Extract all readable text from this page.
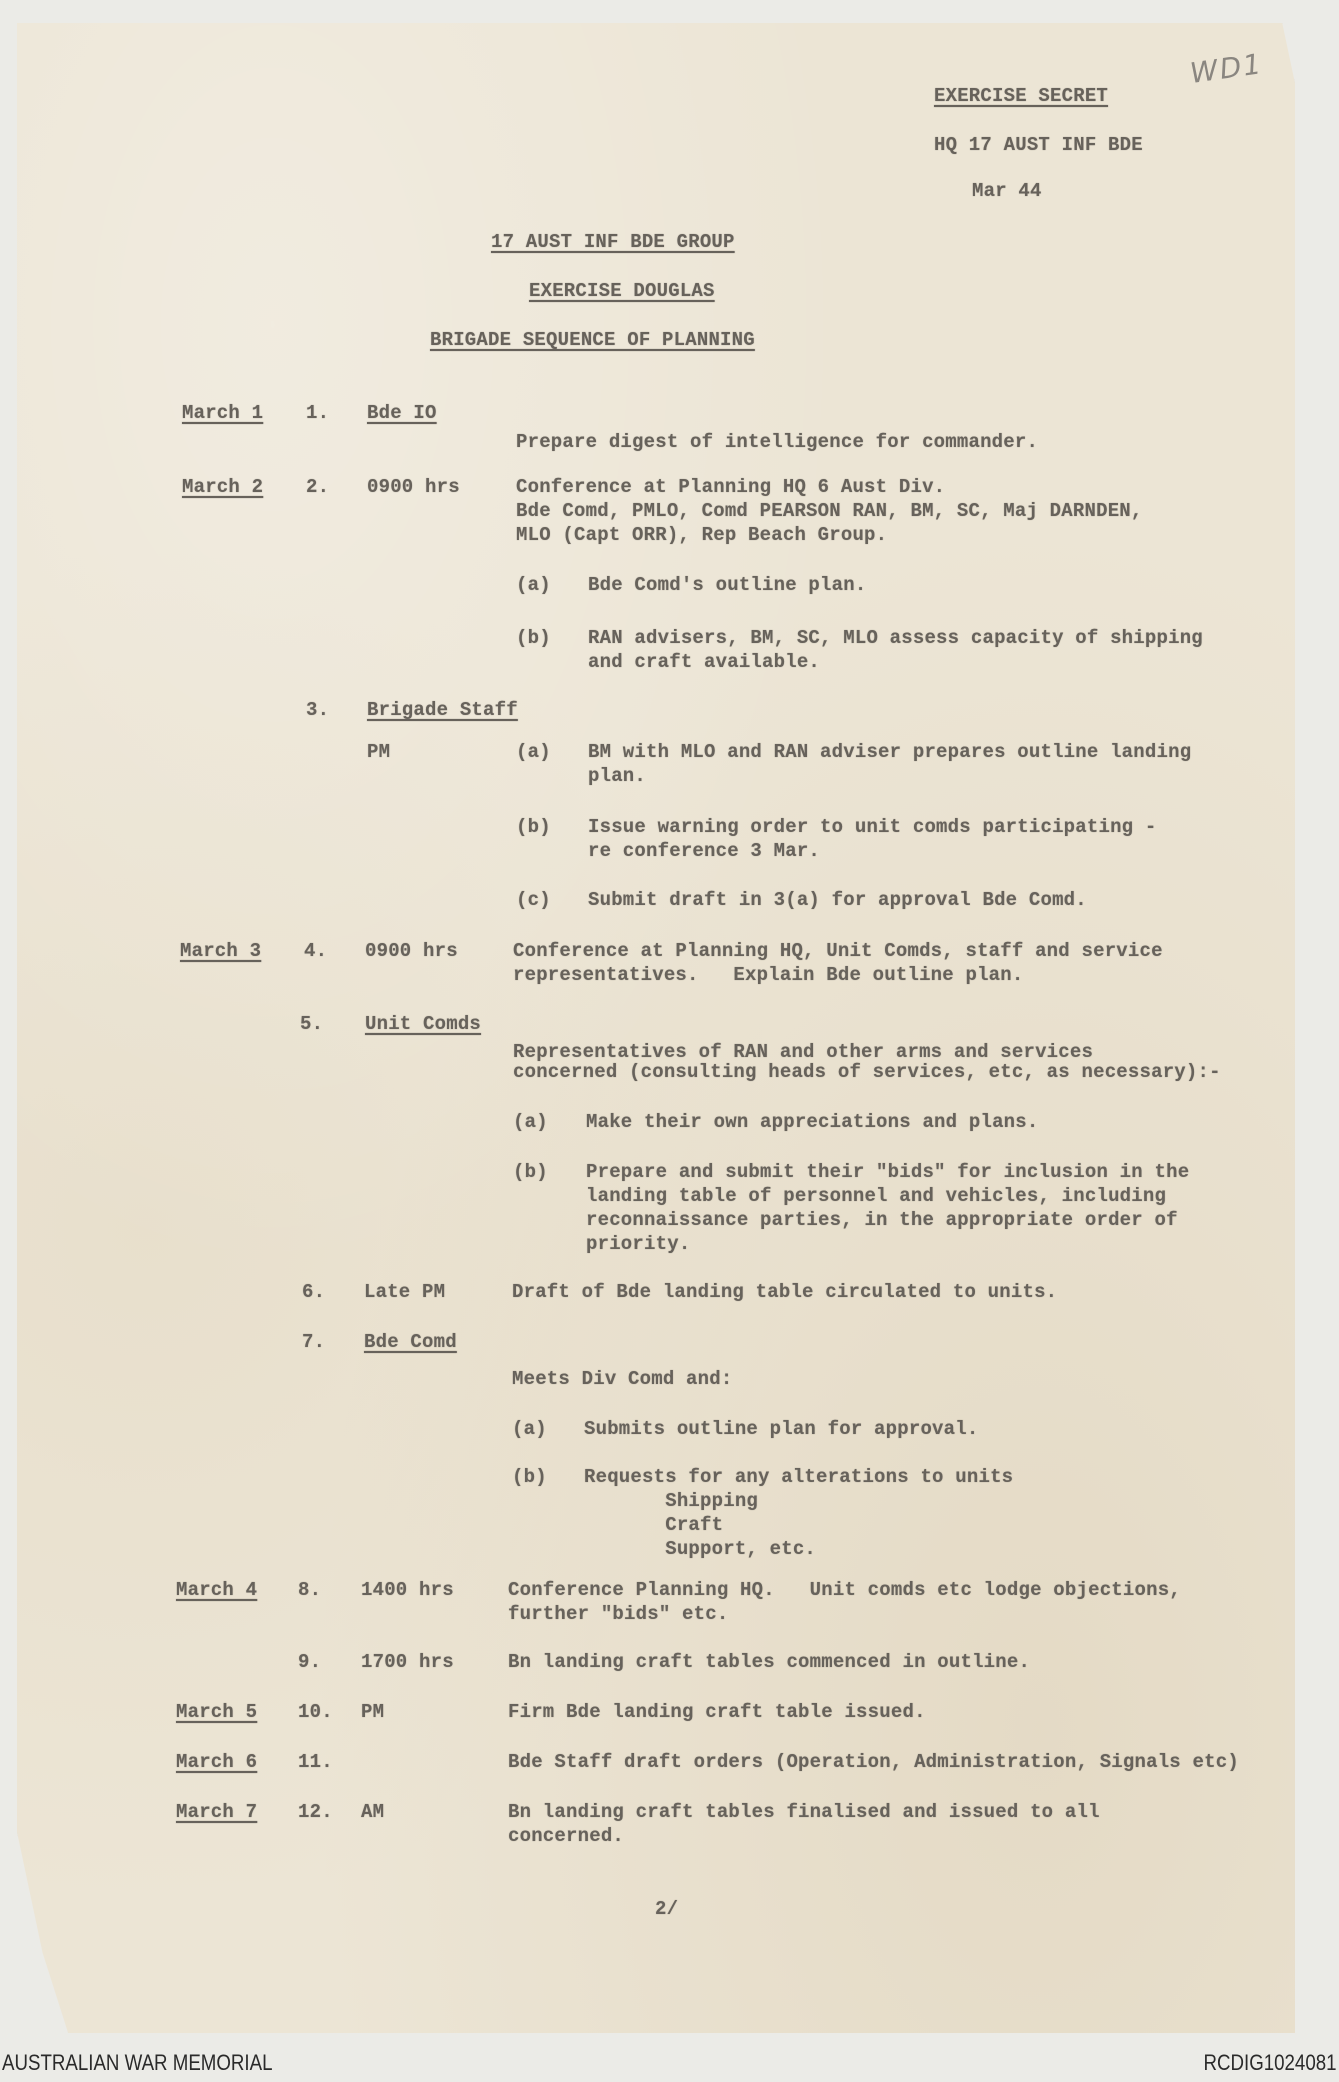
EXERCISE SECRET
HQ 17 AUST INF BDE
Mar 44
WD1
17 AUST INF BDE GROUP
EXERCISE DOUGLAS
BRIGADE SEQUENCE OF PLANNING
March 1 1. Bde IO
Prepare digest of intelligence for commander.
March 2 2. 0900 hrs	Conference at Planning HQ 6 Aust Div.
Bde Comd, PMLO, Comd PEARSON RAN, BM, SC, Maj DARNDEN,
MLO (Capt ORR), Rep Beach Group.
(a) Bde Comd's outline plan.
(b) RAN advisers, BM, SC, MLO assess capacity of shipping
and craft available.
3. Brigade Staff
PM	(a) BM with MLO and RAN adviser prepares outline landing
plan.
(b) Issue warning order to unit comds participating -
re conference 3 Mar.
(c) Submit draft in 3(a) for approval Bde Comd.
March 3 4. 0900 hrs	Conference at Planning HQ, Unit Comds, staff and service
representatives.   Explain Bde outline plan.
5. Unit Comds
Representatives of RAN and other arms and services
concerned (consulting heads of services, etc, as necessary):-
(a) Make their own appreciations and plans.
(b) Prepare and submit their "bids" for inclusion in the
landing table of personnel and vehicles, including
reconnaissance parties, in the appropriate order of
priority.
6. Late PM	Draft of Bde landing table circulated to units.
7. Bde Comd
Meets Div Comd and:
(a) Submits outline plan for approval.
(b) Requests for any alterations to units
Shipping
Craft
Support, etc.
March 4 8. 1400 hrs	Conference Planning HQ.   Unit comds etc lodge objections,
further "bids" etc.
9. 1700 hrs	Bn landing craft tables commenced in outline.
March 5 10. PM	Firm Bde landing craft table issued.
March 6 11.	Bde Staff draft orders (Operation, Administration, Signals etc)
March 7 12. AM	Bn landing craft tables finalised and issued to all
concerned.
2/
AUSTRALIAN WAR MEMORIAL	RCDIG1024081
